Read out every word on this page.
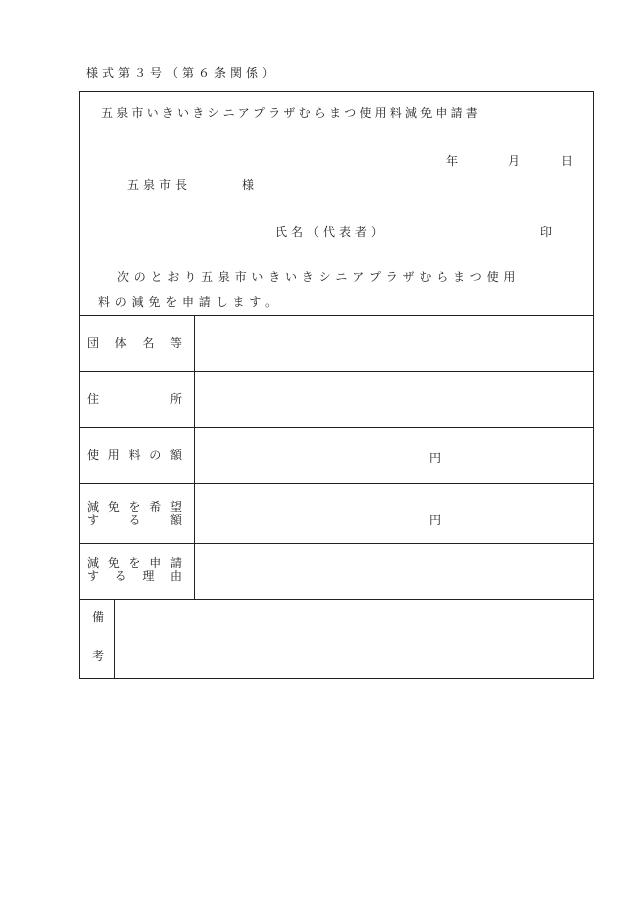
様式第３号（第６条関係）
五泉市いきいきシニアプラザむらまつ使用料減免申請書
年	月	日
五泉市長	様
氏名（代表者）	印
次のとおり五泉市いきいきシニアプラザむらまつ使用
料の減免を申請します。
団 体 名 等
住	所
使 用 料 の 額	円
減 免 を 希 望
す る 額	円
減 免 を 申 請
す る 理 由
備
考
